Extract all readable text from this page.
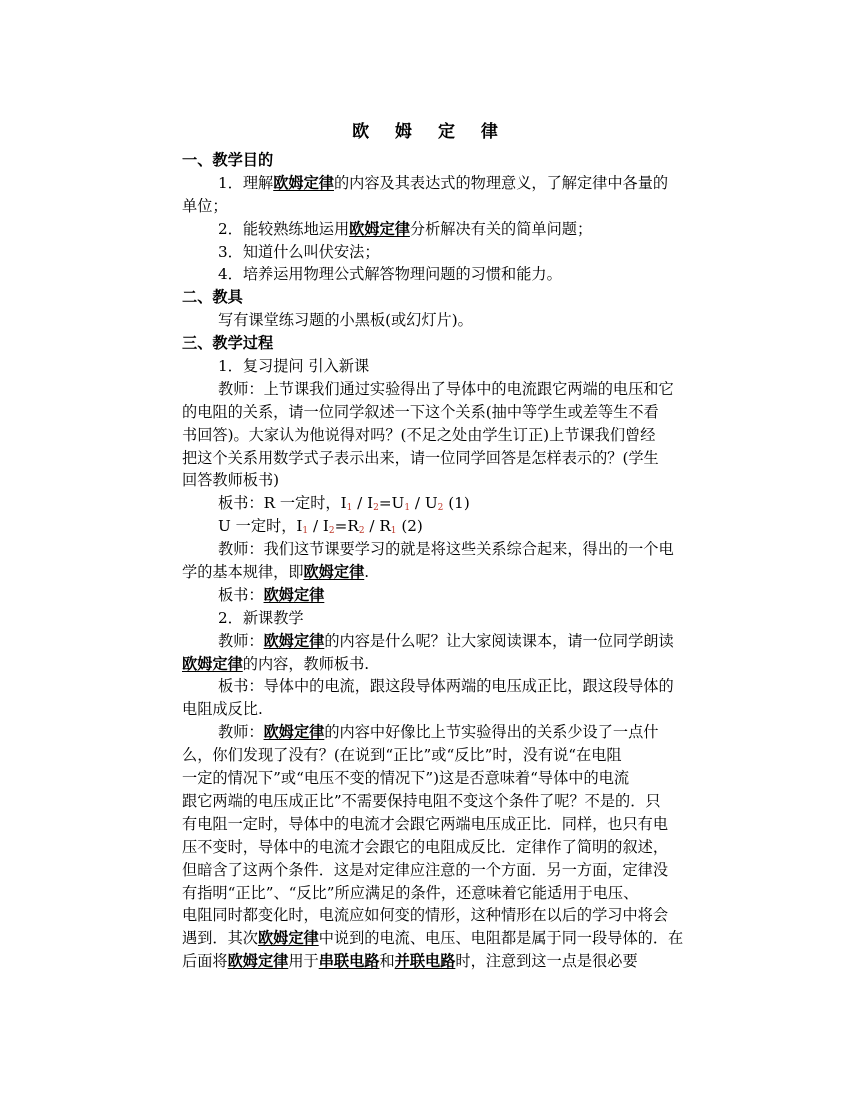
欧 姆 定 律
一、教学目的
1．理解欧姆定律的内容及其表达式的物理意义，了解定律中各量的
单位；
2．能较熟练地运用欧姆定律分析解决有关的简单问题；
3．知道什么叫伏安法；
4．培养运用物理公式解答物理问题的习惯和能力。
二、教具
写有课堂练习题的小黑板(或幻灯片)。
三、教学过程
1．复习提问 引入新课
教师：上节课我们通过实验得出了导体中的电流跟它两端的电压和它
的电阻的关系，请一位同学叙述一下这个关系(抽中等学生或差等生不看
书回答)。大家认为他说得对吗？(不足之处由学生订正)上节课我们曾经
把这个关系用数学式子表示出来，请一位同学回答是怎样表示的？(学生
回答教师板书)
板书：R 一定时，$I_1 / I_2=U_1 / U_2$ (1)
U 一定时，$I_1 / I_2=R_2 / R_1$ (2)
教师：我们这节课要学习的就是将这些关系综合起来，得出的一个电
学的基本规律，即欧姆定律.
板书：欧姆定律
2．新课教学
教师：欧姆定律的内容是什么呢？让大家阅读课本，请一位同学朗读
欧姆定律的内容，教师板书.
板书：导体中的电流，跟这段导体两端的电压成正比，跟这段导体的
电阻成反比.
教师：欧姆定律的内容中好像比上节实验得出的关系少设了一点什
么，你们发现了没有？(在说到“正比”或“反比”时，没有说“在电阻
一定的情况下”或“电压不变的情况下”)这是否意味着“导体中的电流
跟它两端的电压成正比”不需要保持电阻不变这个条件了呢？不是的．只
有电阻一定时，导体中的电流才会跟它两端电压成正比．同样，也只有电
压不变时，导体中的电流才会跟它的电阻成反比．定律作了简明的叙述，
但暗含了这两个条件．这是对定律应注意的一个方面．另一方面，定律没
有指明“正比”、“反比”所应满足的条件，还意味着它能适用于电压、
电阻同时都变化时，电流应如何变的情形，这种情形在以后的学习中将会
遇到．其次欧姆定律中说到的电流、电压、电阻都是属于同一段导体的．在
后面将欧姆定律用于串联电路和并联电路时，注意到这一点是很必要
